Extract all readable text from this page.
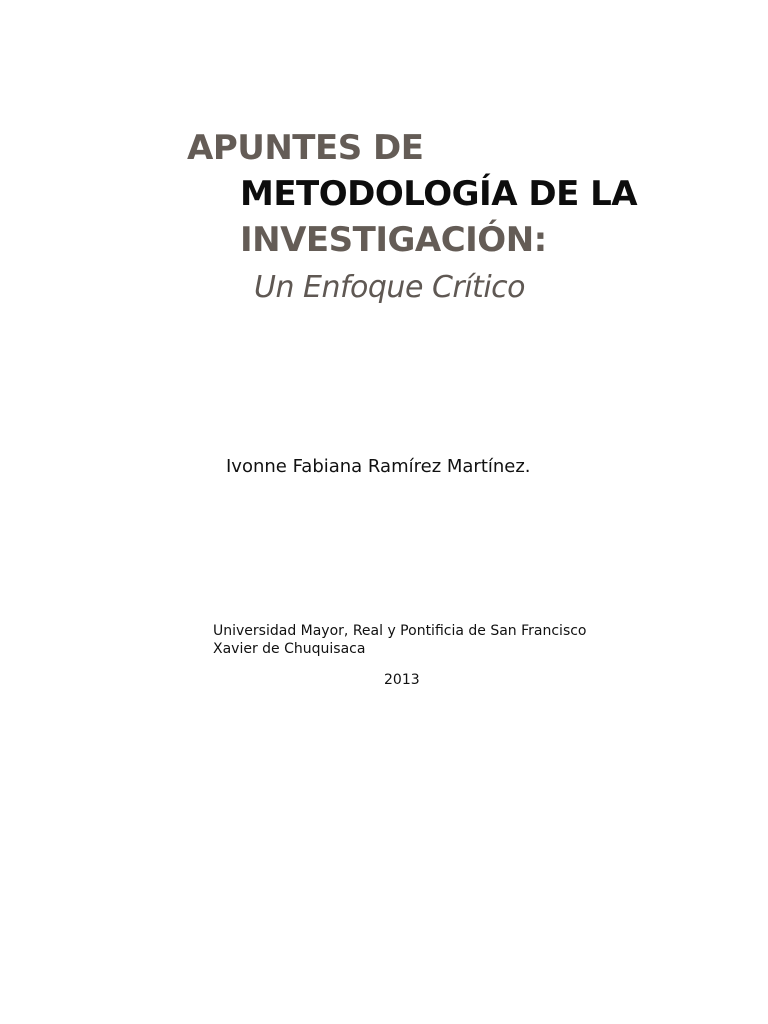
APUNTES DE
METODOLOGÍA DE LA
INVESTIGACIÓN:
Un Enfoque Crítico
Ivonne Fabiana Ramírez Martínez.
Universidad Mayor, Real y Pontificia de San Francisco
Xavier de Chuquisaca
2013
